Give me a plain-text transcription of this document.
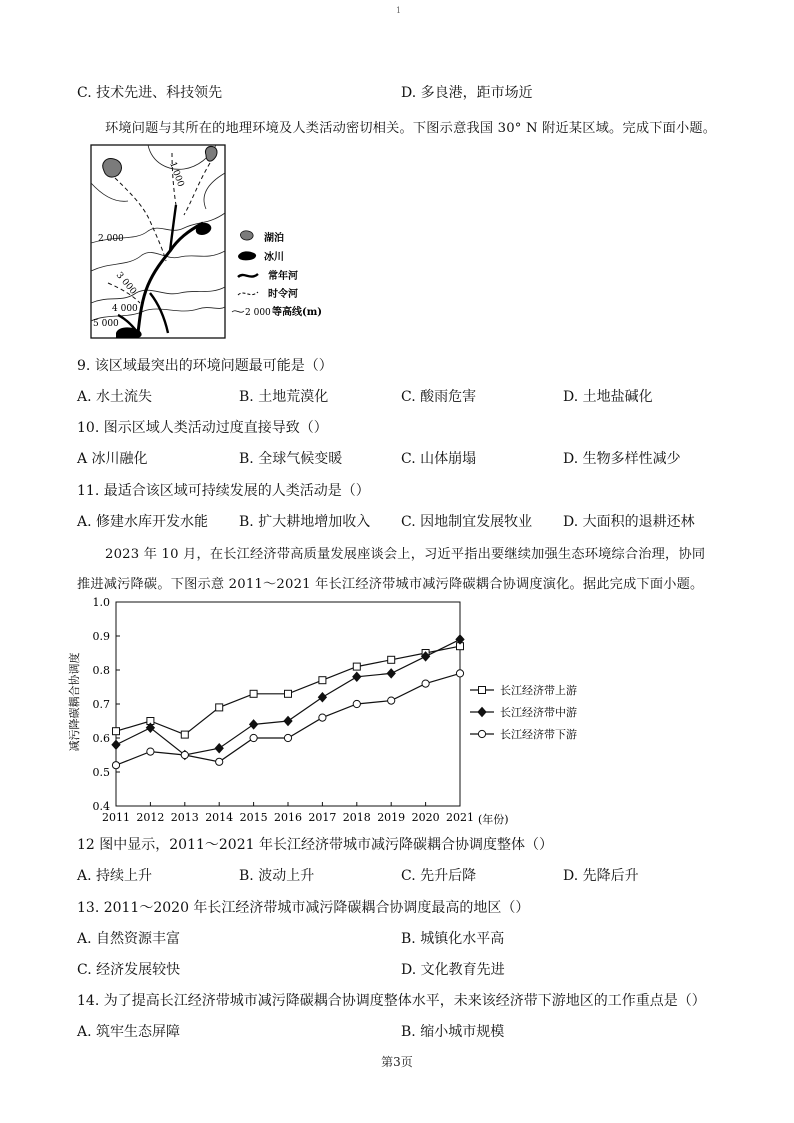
1
C. 技术先进、科技领先	D. 多良港，距市场近
环境问题与其所在的地理环境及人类活动密切相关。下图示意我国 30° N 附近某区域。完成下面小题。
1 000
2 000
3 000
4 000
5 000
湖泊
冰川
常年河
时令河
2 000 等高线(m)
9. 该区域最突出的环境问题最可能是（）
A. 水土流失	B. 土地荒漠化	C. 酸雨危害	D. 土地盐碱化
10. 图示区域人类活动过度直接导致（）
A 冰川融化	B. 全球气候变暖	C. 山体崩塌	D. 生物多样性减少
11. 最适合该区域可持续发展的人类活动是（）
A. 修建水库开发水能 B. 扩大耕地增加收入 C. 因地制宜发展牧业 D. 大面积的退耕还林
2023 年 10 月，在长江经济带高质量发展座谈会上，习近平指出要继续加强生态环境综合治理，协同
推进减污降碳。下图示意 2011～2021 年长江经济带城市减污降碳耦合协调度演化。据此完成下面小题。
减污降碳耦合协调度
0.4
0.5
0.6
0.7
0.8
0.9
1.0
2011 2012 2013 2014 2015 2016 2017 2018 2019 2020 2021
长江经济带上游
长江经济带中游
长江经济带下游
(年份)
12 图中显示，2011～2021 年长江经济带城市减污降碳耦合协调度整体（）
A. 持续上升	B. 波动上升	C. 先升后降	D. 先降后升
13. 2011～2020 年长江经济带城市减污降碳耦合协调度最高的地区（）
A. 自然资源丰富	B. 城镇化水平高
C. 经济发展较快	D. 文化教育先进
14. 为了提高长江经济带城市减污降碳耦合协调度整体水平，未来该经济带下游地区的工作重点是（）
A. 筑牢生态屏障	B. 缩小城市规模
第3页
